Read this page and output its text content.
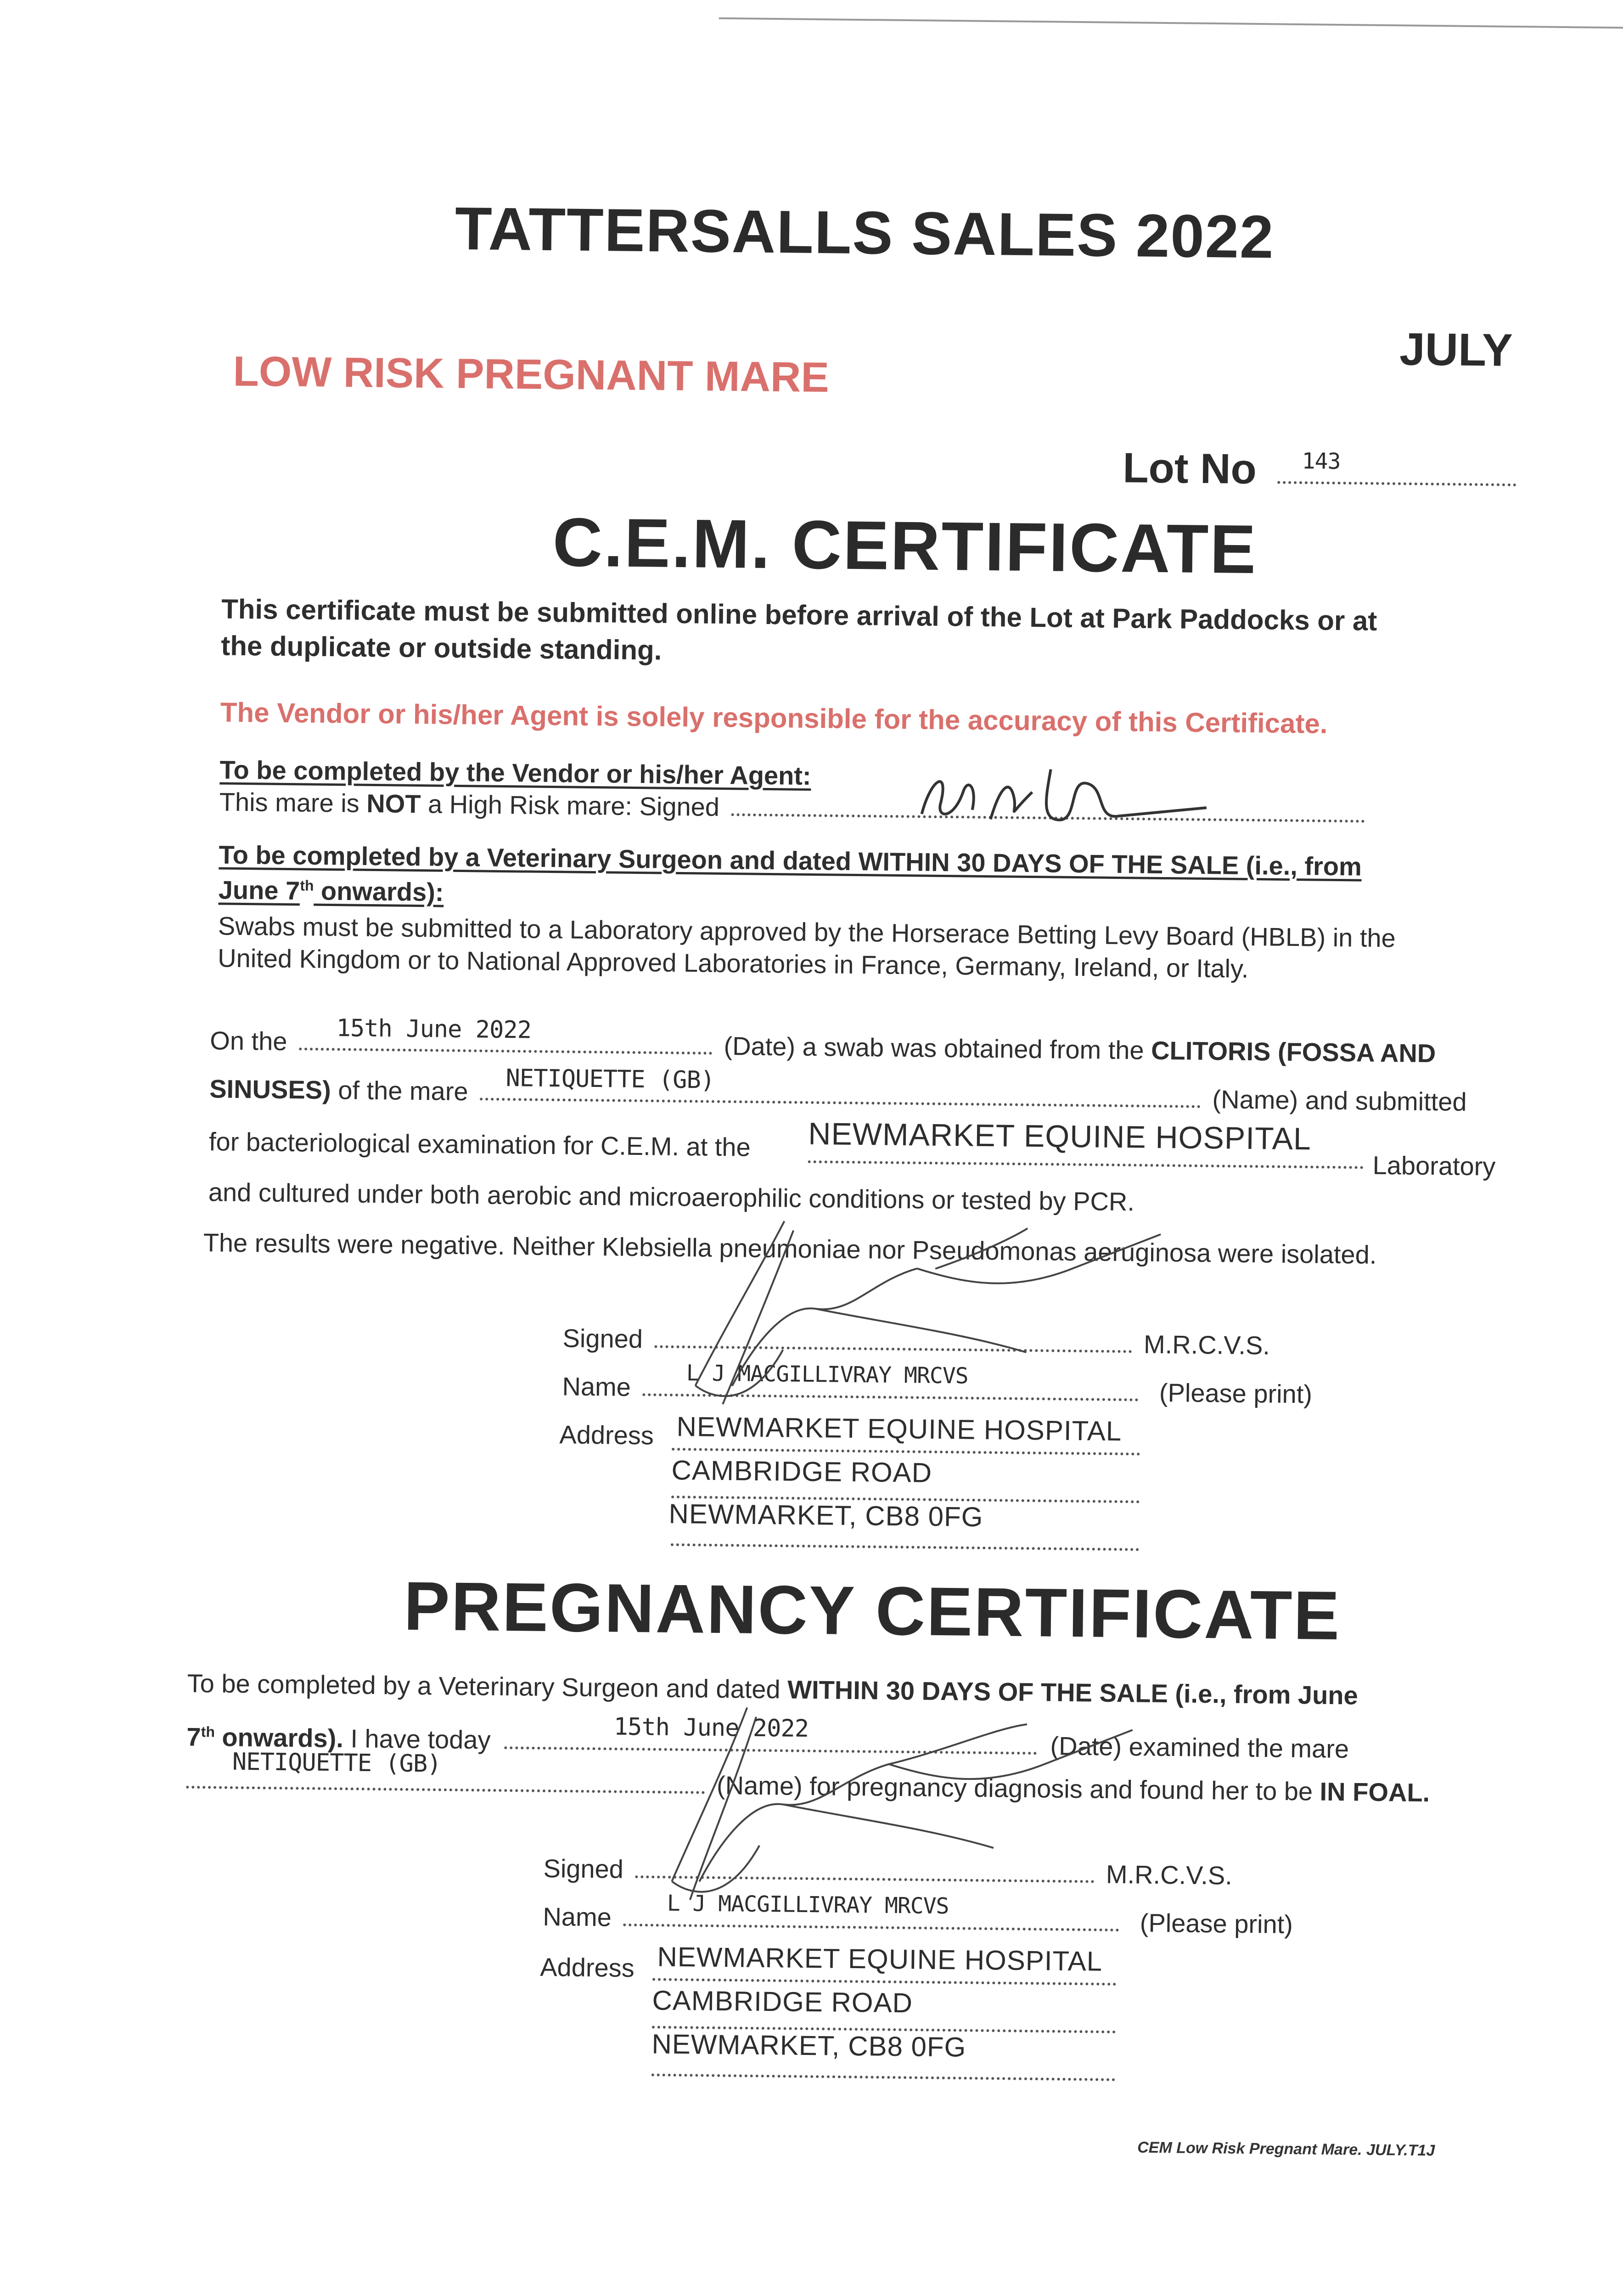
TATTERSALLS SALES 2022
JULY
LOW RISK PREGNANT MARE
Lot No	143
C.E.M. CERTIFICATE
This certificate must be submitted online before arrival of the Lot at Park Paddocks or at
the duplicate or outside standing.
The Vendor or his/her Agent is solely responsible for the accuracy of this Certificate.
To be completed by the Vendor or his/her Agent:
This mare is NOT a High Risk mare: Signed
To be completed by a Veterinary Surgeon and dated WITHIN 30 DAYS OF THE SALE (i.e., from
June 7th onwards):
Swabs must be submitted to a Laboratory approved by the Horserace Betting Levy Board (HBLB) in the
United Kingdom or to National Approved Laboratories in France, Germany, Ireland, or Italy.
On the	(Date) a swab was obtained from the CLITORIS (FOSSA AND
15th June 2022
SINUSES) of the mare	(Name) and submitted
NETIQUETTE (GB)
for bacteriological examination for C.E.M. at the NEWMARKET EQUINE HOSPITAL
Laboratory
and cultured under both aerobic and microaerophilic conditions or tested by PCR.
The results were negative. Neither Klebsiella pneumoniae nor Pseudomonas aeruginosa were isolated.
Signed	M.R.C.V.S.
Name	(Please print)
L J MACGILLIVRAY MRCVS
Address NEWMARKET EQUINE HOSPITAL
CAMBRIDGE ROAD
NEWMARKET, CB8 0FG
PREGNANCY CERTIFICATE
To be completed by a Veterinary Surgeon and dated WITHIN 30 DAYS OF THE SALE (i.e., from June
7th onwards). I have today	(Date) examined the mare
15th June 2022
(Name) for pregnancy diagnosis and found her to be IN FOAL.
NETIQUETTE (GB)
Signed	M.R.C.V.S.
Name	(Please print)
L J MACGILLIVRAY MRCVS
Address NEWMARKET EQUINE HOSPITAL
CAMBRIDGE ROAD
NEWMARKET, CB8 0FG
CEM Low Risk Pregnant Mare. JULY.T1J
